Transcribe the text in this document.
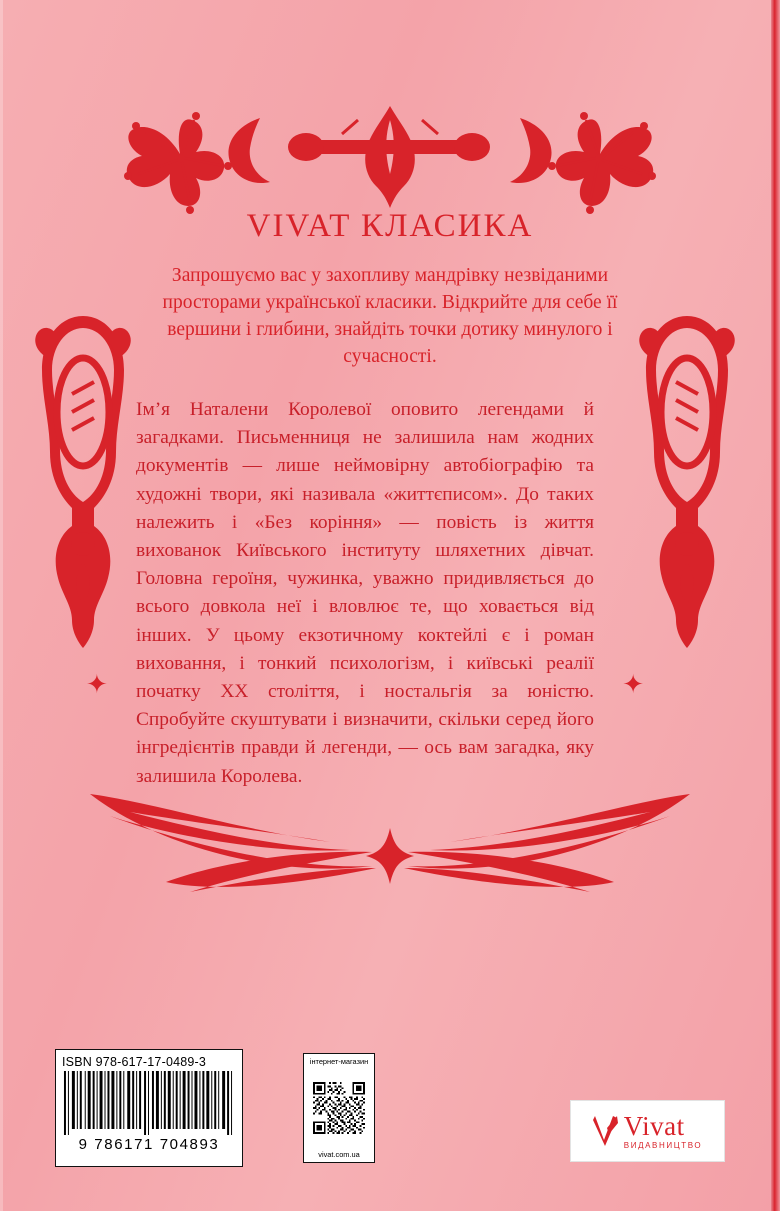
VIVAT КЛАСИКА
Запрошуємо вас у захопливу мандрівку незвіданими просторами української класики. Відкрийте для себе її вершини і глибини, знайдіть точки дотику минулого і сучасності.
Ім’я Наталени Королевої оповито легендами й загадками. Письменниця не залишила нам жодних документів — лише неймовірну автобіографію та художні твори, які називала «життєписом». До таких належить і «Без коріння» — повість із життя вихованок Київського інституту шляхетних дівчат. Головна героїня, чужинка, уважно придивляється до всього довкола неї і вловлює те, що ховається від інших. У цьому екзотичному коктейлі є і роман виховання, і тонкий психологізм, і київські реалії початку XX століття, і ностальгія за юністю. Спробуйте скуштувати і визначити, скільки серед його інгредієнтів правди й легенди, — ось вам загадка, яку залишила Королева.
✦	✦
ISBN 978-617-17-0489-3
9 786171 704893
інтернет-магазин
vivat.com.ua
Vivat
ВИДАВНИЦТВО
